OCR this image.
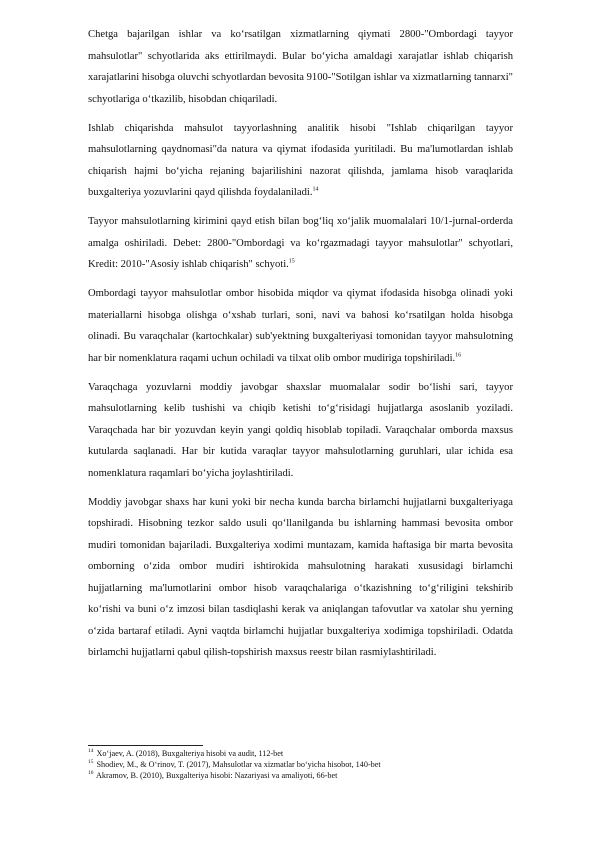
Chetga bajarilgan ishlar va ko‘rsatilgan xizmatlarning qiymati 2800-"Ombordagi tayyor mahsulotlar" schyotlarida aks ettirilmaydi. Bular bo‘yicha amaldagi xarajatlar ishlab chiqarish xarajatlarini hisobga oluvchi schyotlardan bevosita 9100-"Sotilgan ishlar va xizmatlarning tannarxi" schyotlariga o‘tkazilib, hisobdan chiqariladi.

Ishlab chiqarishda mahsulot tayyorlashning analitik hisobi "Ishlab chiqarilgan tayyor mahsulotlarning qaydnomasi"da natura va qiymat ifodasida yuritiladi. Bu ma'lumotlardan ishlab chiqarish hajmi bo‘yicha rejaning bajarilishini nazorat qilishda, jamlama hisob varaqlarida buxgalteriya yozuvlarini qayd qilishda foydalaniladi.$^{14}$

Tayyor mahsulotlarning kirimini qayd etish bilan bog‘liq xo‘jalik muomalalari 10/1-jurnal-orderda amalga oshiriladi. Debet: 2800-"Ombordagi va ko‘rgazmadagi tayyor mahsulotlar" schyotlari, Kredit: 2010-"Asosiy ishlab chiqarish" schyoti.$^{15}$

Ombordagi tayyor mahsulotlar ombor hisobida miqdor va qiymat ifodasida hisobga olinadi yoki materiallarni hisobga olishga o‘xshab turlari, soni, navi va bahosi ko‘rsatilgan holda hisobga olinadi. Bu varaqchalar (kartochkalar) sub'yektning buxgalteriyasi tomonidan tayyor mahsulotning har bir nomenklatura raqami uchun ochiladi va tilxat olib ombor mudiriga topshiriladi.$^{16}$

Varaqchaga yozuvlarni moddiy javobgar shaxslar muomalalar sodir bo‘lishi sari, tayyor mahsulotlarning kelib tushishi va chiqib ketishi to‘g‘risidagi hujjatlarga asoslanib yoziladi. Varaqchada har bir yozuvdan keyin yangi qoldiq hisoblab topiladi. Varaqchalar omborda maxsus kutularda saqlanadi. Har bir kutida varaqlar tayyor mahsulotlarning guruhlari, ular ichida esa nomenklatura raqamlari bo‘yicha joylashtiriladi.

Moddiy javobgar shaxs har kuni yoki bir necha kunda barcha birlamchi hujjatlarni buxgalteriyaga topshiradi. Hisobning tezkor saldo usuli qo‘llanilganda bu ishlarning hammasi bevosita ombor mudiri tomonidan bajariladi. Buxgalteriya xodimi muntazam, kamida haftasiga bir marta bevosita omborning o‘zida ombor mudiri ishtirokida mahsulotning harakati xususidagi birlamchi hujjatlarning ma'lumotlarini ombor hisob varaqchalariga o‘tkazishning to‘g‘riligini tekshirib ko‘rishi va buni o‘z imzosi bilan tasdiqlashi kerak va aniqlangan tafovutlar va xatolar shu yerning o‘zida bartaraf etiladi. Ayni vaqtda birlamchi hujjatlar buxgalteriya xodimiga topshiriladi. Odatda birlamchi hujjatlarni qabul qilish-topshirish maxsus reestr bilan rasmiylashtiriladi.

$^{14}$ Xo‘jaev, A. (2018), Buxgalteriya hisobi va audit, 112-bet
$^{15}$ Shodiev, M., & O‘rinov, T. (2017), Mahsulotlar va xizmatlar bo‘yicha hisobot, 140-bet
$^{16}$ Akramov, B. (2010), Buxgalteriya hisobi: Nazariyasi va amaliyoti, 66-bet
